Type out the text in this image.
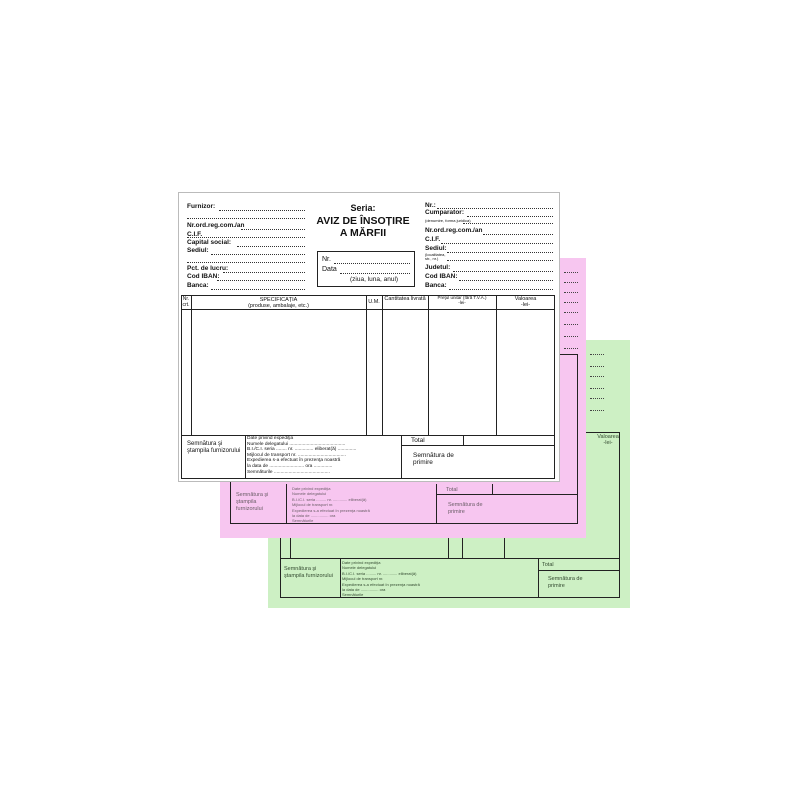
Valoarea
-lei-
Semnătura şi ştampila furnizorului
Date privind expediţia
Numele delegatului
B.I./C.I. seria ......... nr. ............. eliberat(ă)
Mijlocul de transport nr.
Expedierea s-a efectuat în prezenţa noastră
la data de ................ ora
Semnăturile
Total
Semnătura de primire
Semnătura şi ştampila furnizorului
Date privind expediţia
Numele delegatului
B.I./C.I. seria ......... nr. ............. eliberat(ă)
Mijlocul de transport nr.
Expedierea s-a efectuat în prezenţa noastră
la data de ................ ora
Semnăturile
Total
Semnătura de primire
Furnizor:
Nr.ord.reg.com./an
C.I.F.
Capital social:
Sediul:
Pct. de lucru:
Cod IBAN:
Banca:
Seria:
AVIZ DE ÎNSOȚIRE
A MĂRFII
Nr.
Data
(ziua, luna, anul)
Nr.:
Cumparator:
(denumire, forma juridica)
Nr.ord.reg.com./an
C.I.F.
Sediul:
(localitatea, str., nr.)
Judetul:
Cod IBAN:
Banca:
Nr. crt.
SPECIFICAȚIA
(produse, ambalaje, etc.)
U.M. Cantitatea livrată	Preţul unitar (fără T.V.A.)
-lei-
Valoarea
-lei-
Semnătura şi ştampila furnizorului
Date privind expediţia
Numele delegatului ..........................................
B.I./C.I. seria ........ nr. .............. eliberat(ă) ..............
Mijlocul de transport nr. ....................................
Expedierea s-a efectuat în prezenţa noastră
la data de .......................... ora ..............
Semnăturile ..........................................
Total
Semnătura de primire
